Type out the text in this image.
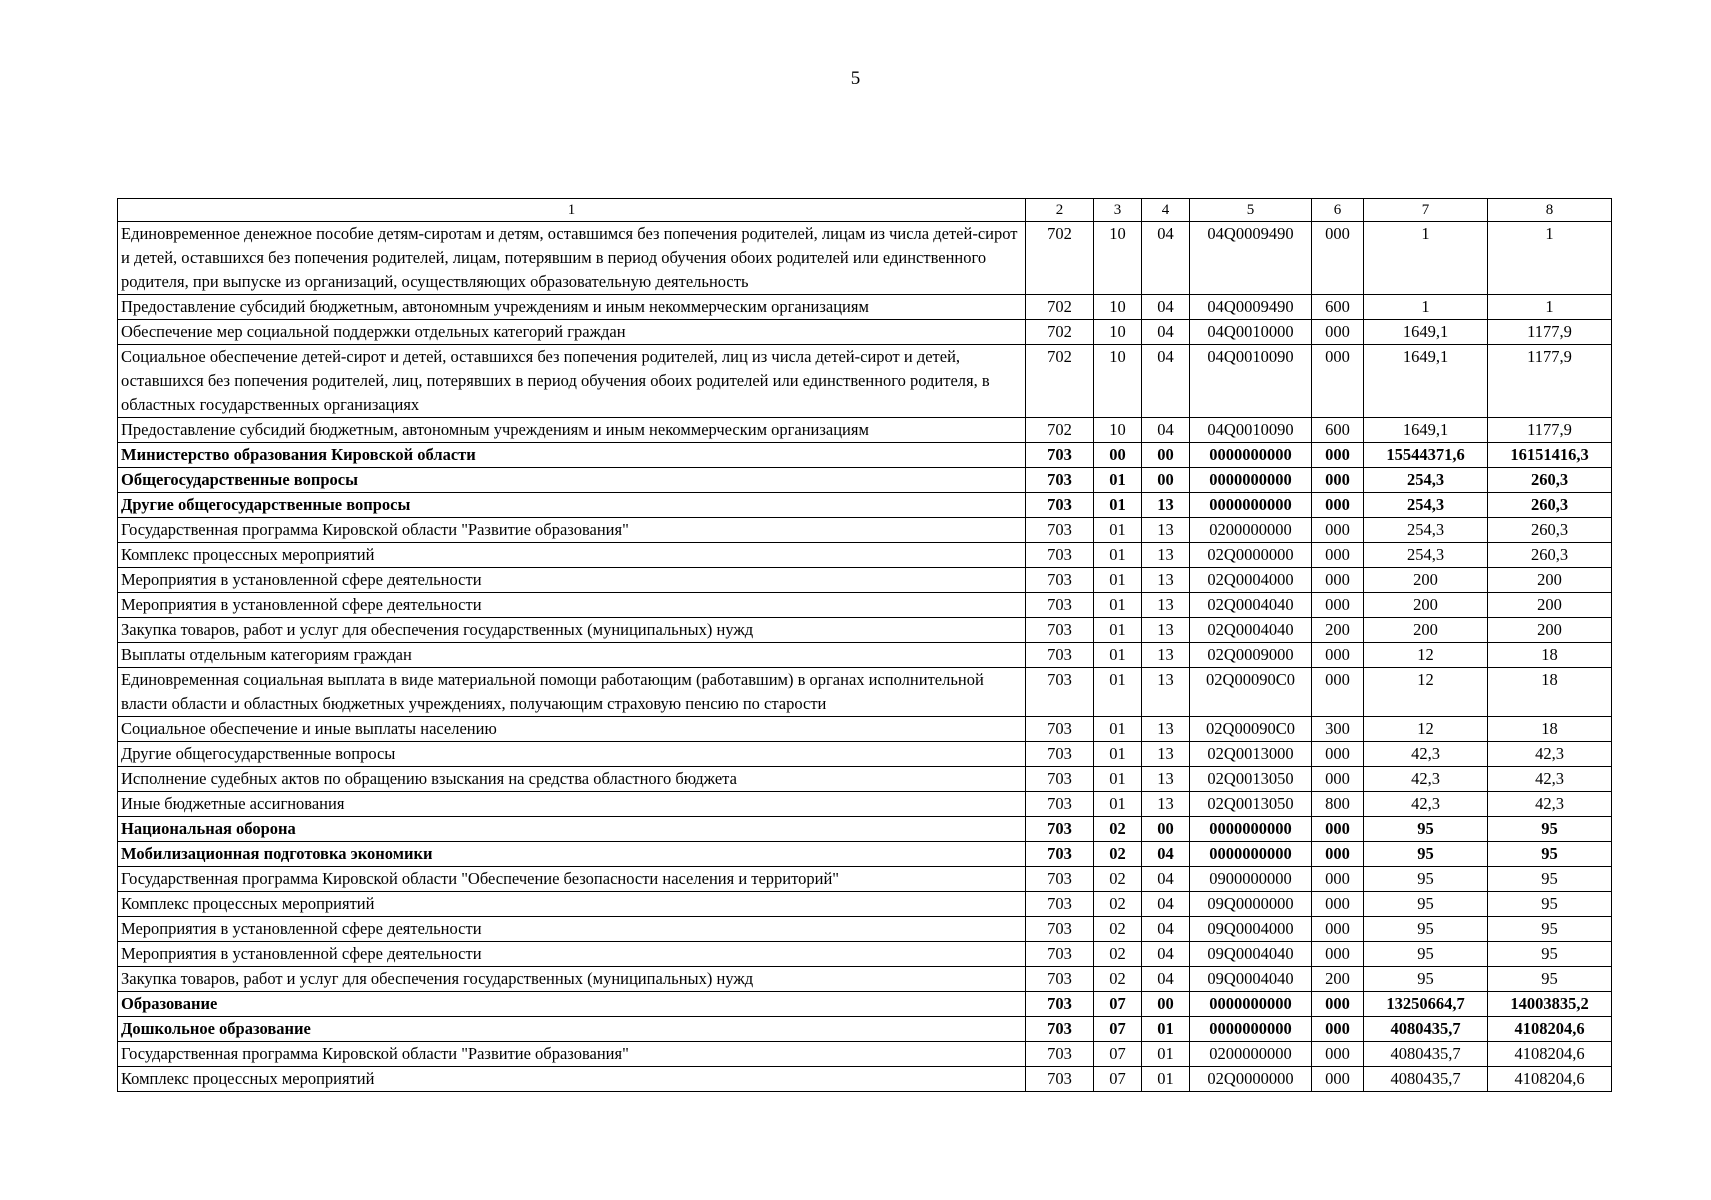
5
1	2	3	4	5	6	7	8
Единовременное денежное пособие детям-сиротам и детям, оставшимся без попечения родителей, лицам из числа детей-сирот и детей, оставшихся без попечения родителей, лицам, потерявшим в период обучения обоих родителей или единственного родителя, при выпуске из организаций, осуществляющих образовательную деятельность	702	10	04	04Q0009490	000	1	1
Предоставление субсидий бюджетным, автономным учреждениям и иным некоммерческим организациям	702	10	04	04Q0009490	600	1	1
Обеспечение мер социальной поддержки отдельных категорий граждан	702	10	04	04Q0010000	000	1649,1	1177,9
Социальное обеспечение детей-сирот и детей, оставшихся без попечения родителей, лиц из числа детей-сирот и детей, оставшихся без попечения родителей, лиц, потерявших в период обучения обоих родителей или единственного родителя, в областных государственных организациях	702	10	04	04Q0010090	000	1649,1	1177,9
Предоставление субсидий бюджетным, автономным учреждениям и иным некоммерческим организациям	702	10	04	04Q0010090	600	1649,1	1177,9
Министерство образования Кировской области	703	00	00	0000000000	000	15544371,6	16151416,3
Общегосударственные вопросы	703	01	00	0000000000	000	254,3	260,3
Другие общегосударственные вопросы	703	01	13	0000000000	000	254,3	260,3
Государственная программа Кировской области "Развитие образования"	703	01	13	0200000000	000	254,3	260,3
Комплекс процессных мероприятий	703	01	13	02Q0000000	000	254,3	260,3
Мероприятия в установленной сфере деятельности	703	01	13	02Q0004000	000	200	200
Мероприятия в установленной сфере деятельности	703	01	13	02Q0004040	000	200	200
Закупка товаров, работ и услуг для обеспечения государственных (муниципальных) нужд	703	01	13	02Q0004040	200	200	200
Выплаты отдельным категориям граждан	703	01	13	02Q0009000	000	12	18
Единовременная социальная выплата в виде материальной помощи работающим (работавшим) в органах исполнительной власти области и областных бюджетных учреждениях, получающим страховую пенсию по старости	703	01	13	02Q00090C0	000	12	18
Социальное обеспечение и иные выплаты населению	703	01	13	02Q00090C0	300	12	18
Другие общегосударственные вопросы	703	01	13	02Q0013000	000	42,3	42,3
Исполнение судебных актов по обращению взыскания на средства областного бюджета	703	01	13	02Q0013050	000	42,3	42,3
Иные бюджетные ассигнования	703	01	13	02Q0013050	800	42,3	42,3
Национальная оборона	703	02	00	0000000000	000	95	95
Мобилизационная подготовка экономики	703	02	04	0000000000	000	95	95
Государственная программа Кировской области "Обеспечение безопасности населения и территорий"	703	02	04	0900000000	000	95	95
Комплекс процессных мероприятий	703	02	04	09Q0000000	000	95	95
Мероприятия в установленной сфере деятельности	703	02	04	09Q0004000	000	95	95
Мероприятия в установленной сфере деятельности	703	02	04	09Q0004040	000	95	95
Закупка товаров, работ и услуг для обеспечения государственных (муниципальных) нужд	703	02	04	09Q0004040	200	95	95
Образование	703	07	00	0000000000	000	13250664,7	14003835,2
Дошкольное образование	703	07	01	0000000000	000	4080435,7	4108204,6
Государственная программа Кировской области "Развитие образования"	703	07	01	0200000000	000	4080435,7	4108204,6
Комплекс процессных мероприятий	703	07	01	02Q0000000	000	4080435,7	4108204,6
